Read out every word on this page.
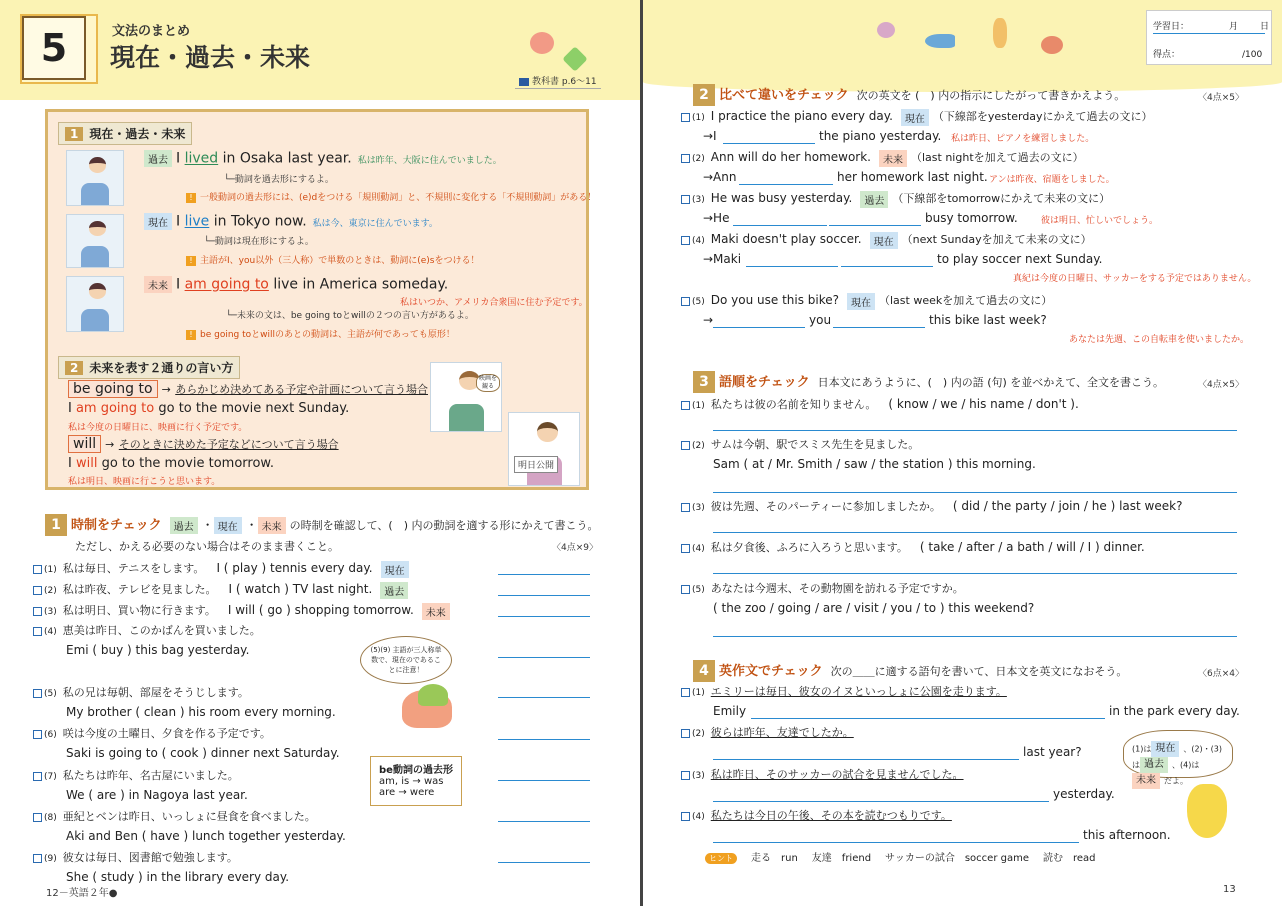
5	文法のまとめ
現在・過去・未来
教科書 p.6～11
1 現在・過去・未来
過去 I lived in Osaka last year. 私は昨年、大阪に住んでいました。
└─動詞を過去形にするよ。
! 一般動詞の過去形には、(e)dをつける「規則動詞」と、不規則に変化する「不規則動詞」がある！
現在 I live in Tokyo now. 私は今、東京に住んでいます。
└─動詞は現在形にするよ。
! 主語がI、you以外（三人称）で単数のときは、動詞に(e)sをつける！
未来 I am going to live in America someday.
私はいつか、アメリカ合衆国に住む予定です。
└─未来の文は、be going toとwillの２つの言い方があるよ。
! be going toとwillのあとの動詞は、主語が何であっても原形！
2 未来を表す２通りの言い方
be going to → あらかじめ決めてある予定や計画について言う場合
I am going to go to the movie next Sunday.
私は今度の日曜日に、映画に行く予定です。
will → そのときに決めた予定などについて言う場合
I will go to the movie tomorrow.
私は明日、映画に行こうと思います。
映画を観る
明日公開
1 時制をチェック 過去 ・ 現在 ・ 未来 の時制を確認して、(　) 内の動詞を適する形にかえて書こう。
ただし、かえる必要のない場合はそのまま書くこと。	〈4点×9〉
(1) 私は毎日、テニスをします。 I ( play ) tennis every day. 現在
(2) 私は昨夜、テレビを見ました。 I ( watch ) TV last night. 過去
(3) 私は明日、買い物に行きます。 I will ( go ) shopping tomorrow. 未来
(4) 恵美は昨日、このかばんを買いました。
Emi ( buy ) this bag yesterday.
(5) 私の兄は毎朝、部屋をそうじします。
My brother ( clean ) his room every morning.
(6) 咲は今度の土曜日、夕食を作る予定です。
Saki is going to ( cook ) dinner next Saturday.
(7) 私たちは昨年、名古屋にいました。
We ( are ) in Nagoya last year.
(8) 亜紀とベンは昨日、いっしょに昼食を食べました。
Aki and Ben ( have ) lunch together yesterday.
(9) 彼女は毎日、図書館で勉強します。
She ( study ) in the library every day.
(5)(9) 主語が三人称単数で、現在のであることに注意！
be動詞の過去形
am, is → was
are → were
12－英語２年●
学習日：	月 日
得点：	/100
2 比べて違いをチェック 次の英文を (　) 内の指示にしたがって書きかえよう。	〈4点×5〉
(1) I practice the piano every day. 現在 （下線部をyesterdayにかえて過去の文に）
→I	the piano yesterday. 私は昨日、ピアノを練習しました。
(2) Ann will do her homework. 未来 （last nightを加えて過去の文に）
→Ann	her homework last night. アンは昨夜、宿題をしました。
(3) He was busy yesterday. 過去 （下線部をtomorrowにかえて未来の文に）
→He	busy tomorrow.	彼は明日、忙しいでしょう。
(4) Maki doesn't play soccer. 現在 （next Sundayを加えて未来の文に）
→Maki	to play soccer next Sunday.
真紀は今度の日曜日、サッカーをする予定ではありません。
(5) Do you use this bike? 現在 （last weekを加えて過去の文に）
→	you	this bike last week?
あなたは先週、この自転車を使いましたか。
3 語順をチェック 日本文にあうように、(　) 内の語 (句) を並べかえて、全文を書こう。	〈4点×5〉
(1) 私たちは彼の名前を知りません。 ( know / we / his name / don't ).
(2) サムは今朝、駅でスミス先生を見ました。
Sam ( at / Mr. Smith / saw / the station ) this morning.
(3) 彼は先週、そのパーティーに参加しましたか。 ( did / the party / join / he ) last week?
(4) 私は夕食後、ふろに入ろうと思います。 ( take / after / a bath / will / I ) dinner.
(5) あなたは今週末、その動物園を訪れる予定ですか。
( the zoo / going / are / visit / you / to ) this weekend?
4 英作文でチェック 次の＿＿に適する語句を書いて、日本文を英文になおそう。	〈6点×4〉
(1) エミリーは毎日、彼女のイヌといっしょに公園を走ります。
Emily	in the park every day.
(2) 彼らは昨年、友達でしたか。
last year?
(3) 私は昨日、そのサッカーの試合を見ませんでした。
yesterday.
(4) 私たちは今日の午後、その本を読むつもりです。
this afternoon.
(1)は 現在 、(2)・(3)は 過去 、(4)は未来 だよ。
ヒント 走る　run 友達　friend サッカーの試合　soccer game 読む　read
13
